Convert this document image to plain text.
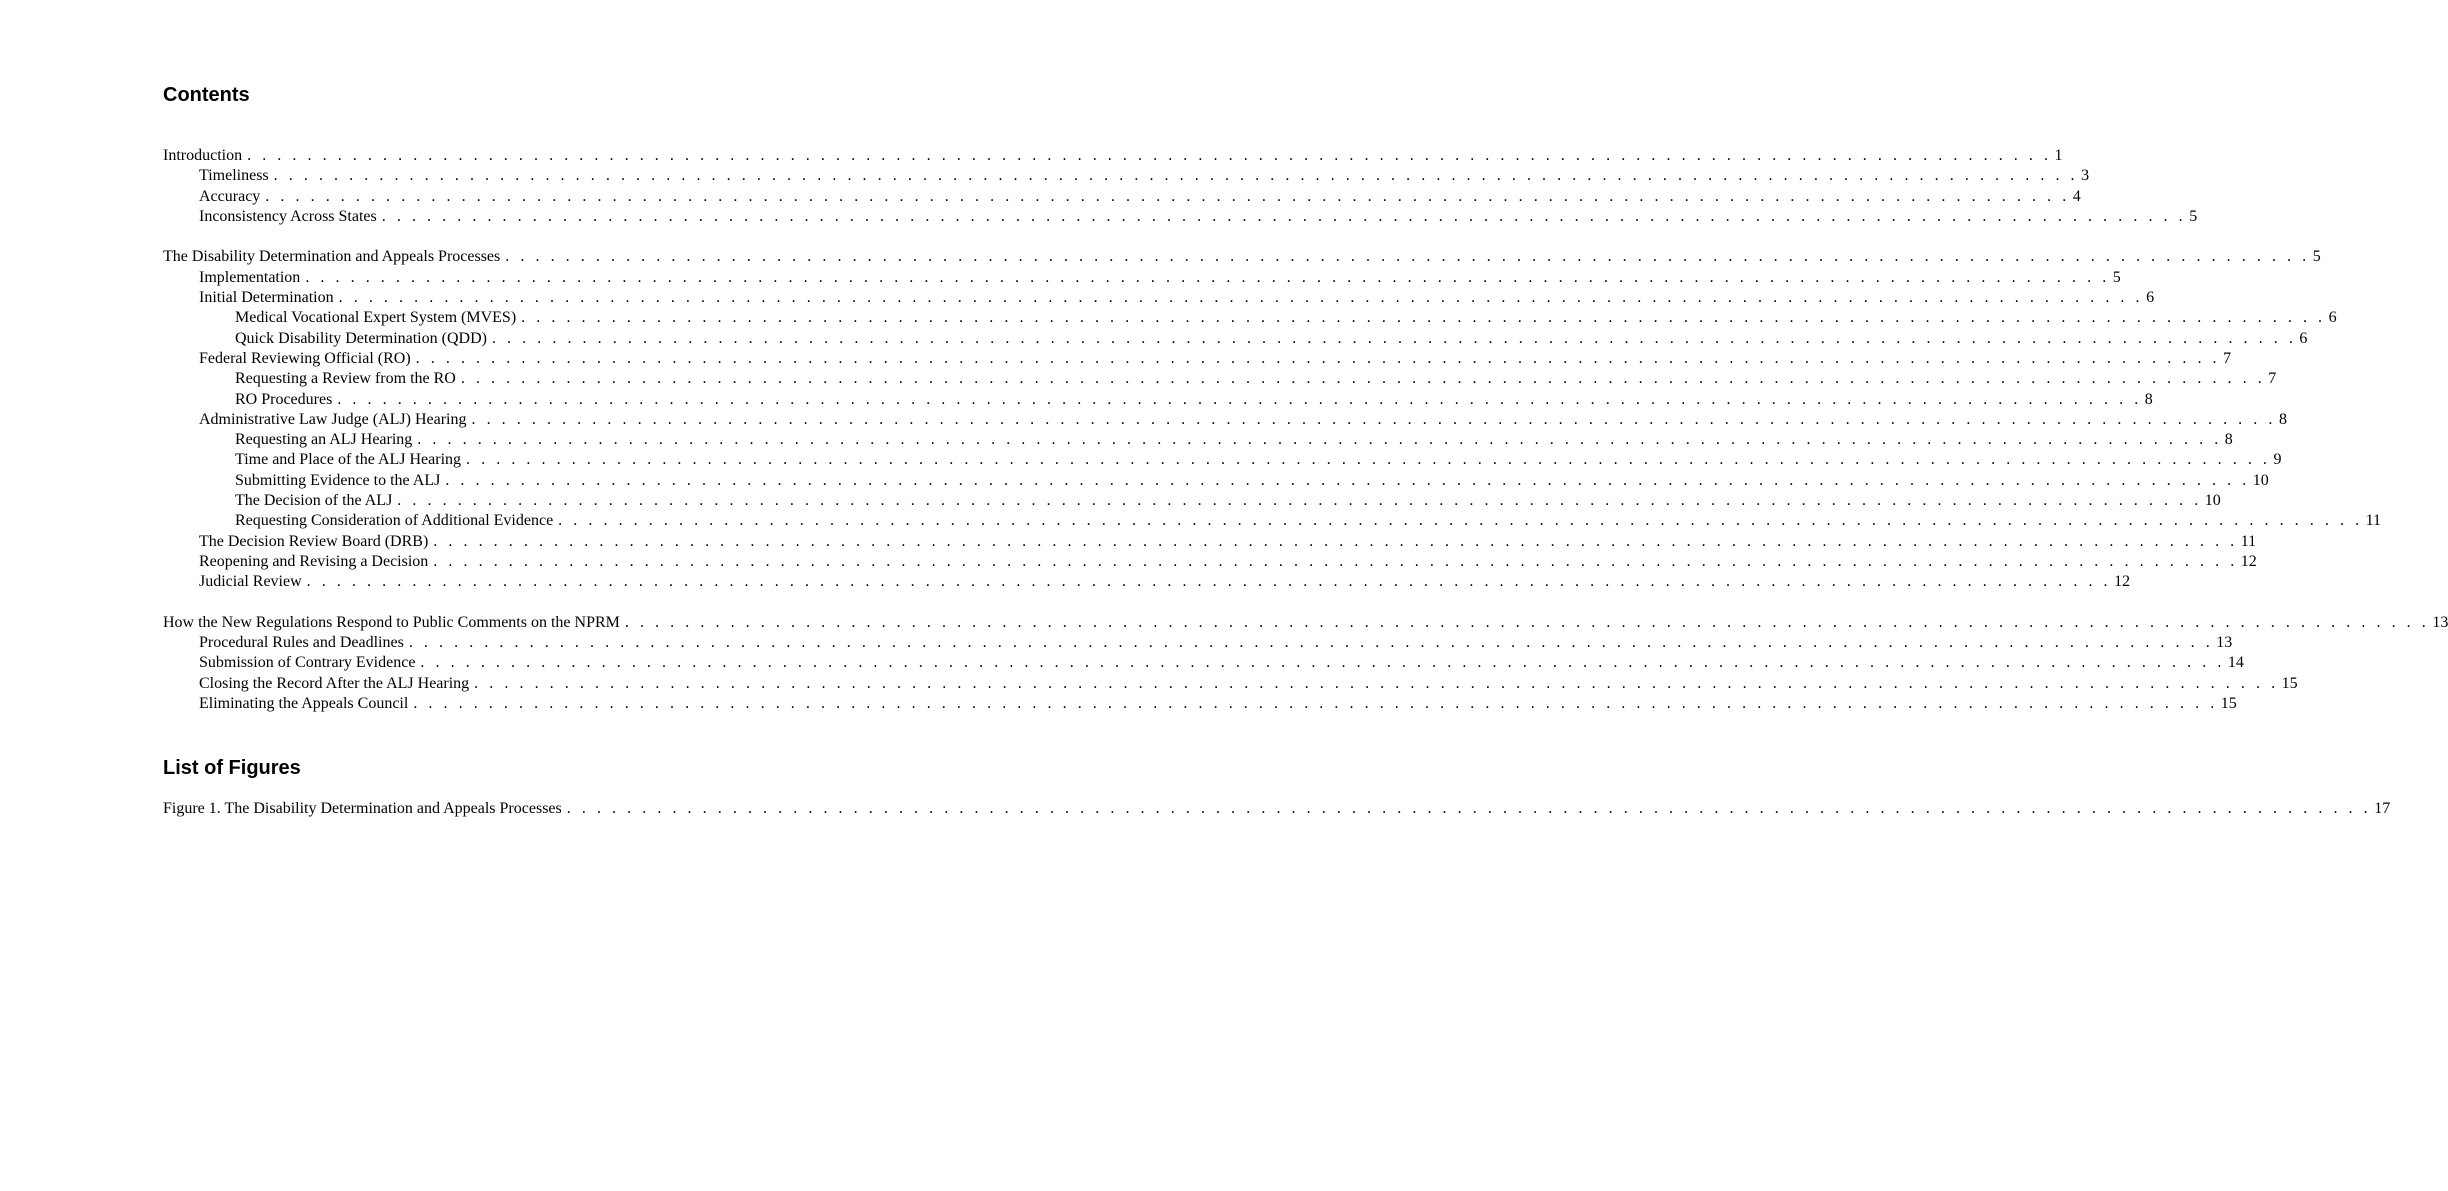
Contents
Introduction . . . . . . . . . . . . . . . . . . . . . . . . . . . . . . . . . . . . . . . . . . . . . . . . . . . . . . . . . . . . . . . . . . . . . . . . . . . . . . . . . . . . . . . . . . . . . . . . . . . . . . . . . . . . . . . . . . . . . . . . 1
Timeliness . . . . . . . . . . . . . . . . . . . . . . . . . . . . . . . . . . . . . . . . . . . . . . . . . . . . . . . . . . . . . . . . . . . . . . . . . . . . . . . . . . . . . . . . . . . . . . . . . . . . . . . . . . . . . . . . . . . . . . . . 3
Accuracy . . . . . . . . . . . . . . . . . . . . . . . . . . . . . . . . . . . . . . . . . . . . . . . . . . . . . . . . . . . . . . . . . . . . . . . . . . . . . . . . . . . . . . . . . . . . . . . . . . . . . . . . . . . . . . . . . . . . . . . . 4
Inconsistency Across States . . . . . . . . . . . . . . . . . . . . . . . . . . . . . . . . . . . . . . . . . . . . . . . . . . . . . . . . . . . . . . . . . . . . . . . . . . . . . . . . . . . . . . . . . . . . . . . . . . . . . . . . . . . . . . . . . . . . . . . . 5
The Disability Determination and Appeals Processes . . . . . . . . . . . . . . . . . . . . . . . . . . . . . . . . . . . . . . . . . . . . . . . . . . . . . . . . . . . . . . . . . . . . . . . . . . . . . . . . . . . . . . . . . . . . . . . . . . . . . . . . . . . . . . . . . . . . . . . . 5
Implementation . . . . . . . . . . . . . . . . . . . . . . . . . . . . . . . . . . . . . . . . . . . . . . . . . . . . . . . . . . . . . . . . . . . . . . . . . . . . . . . . . . . . . . . . . . . . . . . . . . . . . . . . . . . . . . . . . . . . . . . . 5
Initial Determination . . . . . . . . . . . . . . . . . . . . . . . . . . . . . . . . . . . . . . . . . . . . . . . . . . . . . . . . . . . . . . . . . . . . . . . . . . . . . . . . . . . . . . . . . . . . . . . . . . . . . . . . . . . . . . . . . . . . . . . . 6
Medical Vocational Expert System (MVES) . . . . . . . . . . . . . . . . . . . . . . . . . . . . . . . . . . . . . . . . . . . . . . . . . . . . . . . . . . . . . . . . . . . . . . . . . . . . . . . . . . . . . . . . . . . . . . . . . . . . . . . . . . . . . . . . . . . . . . . . 6
Quick Disability Determination (QDD) . . . . . . . . . . . . . . . . . . . . . . . . . . . . . . . . . . . . . . . . . . . . . . . . . . . . . . . . . . . . . . . . . . . . . . . . . . . . . . . . . . . . . . . . . . . . . . . . . . . . . . . . . . . . . . . . . . . . . . . . 6
Federal Reviewing Official (RO) . . . . . . . . . . . . . . . . . . . . . . . . . . . . . . . . . . . . . . . . . . . . . . . . . . . . . . . . . . . . . . . . . . . . . . . . . . . . . . . . . . . . . . . . . . . . . . . . . . . . . . . . . . . . . . . . . . . . . . . . 7
Requesting a Review from the RO . . . . . . . . . . . . . . . . . . . . . . . . . . . . . . . . . . . . . . . . . . . . . . . . . . . . . . . . . . . . . . . . . . . . . . . . . . . . . . . . . . . . . . . . . . . . . . . . . . . . . . . . . . . . . . . . . . . . . . . . 7
RO Procedures . . . . . . . . . . . . . . . . . . . . . . . . . . . . . . . . . . . . . . . . . . . . . . . . . . . . . . . . . . . . . . . . . . . . . . . . . . . . . . . . . . . . . . . . . . . . . . . . . . . . . . . . . . . . . . . . . . . . . . . . 8
Administrative Law Judge (ALJ) Hearing . . . . . . . . . . . . . . . . . . . . . . . . . . . . . . . . . . . . . . . . . . . . . . . . . . . . . . . . . . . . . . . . . . . . . . . . . . . . . . . . . . . . . . . . . . . . . . . . . . . . . . . . . . . . . . . . . . . . . . . . 8
Requesting an ALJ Hearing . . . . . . . . . . . . . . . . . . . . . . . . . . . . . . . . . . . . . . . . . . . . . . . . . . . . . . . . . . . . . . . . . . . . . . . . . . . . . . . . . . . . . . . . . . . . . . . . . . . . . . . . . . . . . . . . . . . . . . . . 8
Time and Place of the ALJ Hearing . . . . . . . . . . . . . . . . . . . . . . . . . . . . . . . . . . . . . . . . . . . . . . . . . . . . . . . . . . . . . . . . . . . . . . . . . . . . . . . . . . . . . . . . . . . . . . . . . . . . . . . . . . . . . . . . . . . . . . . . 9
Submitting Evidence to the ALJ . . . . . . . . . . . . . . . . . . . . . . . . . . . . . . . . . . . . . . . . . . . . . . . . . . . . . . . . . . . . . . . . . . . . . . . . . . . . . . . . . . . . . . . . . . . . . . . . . . . . . . . . . . . . . . . . . . . . . . . . 10
The Decision of the ALJ . . . . . . . . . . . . . . . . . . . . . . . . . . . . . . . . . . . . . . . . . . . . . . . . . . . . . . . . . . . . . . . . . . . . . . . . . . . . . . . . . . . . . . . . . . . . . . . . . . . . . . . . . . . . . . . . . . . . . . . . 10
Requesting Consideration of Additional Evidence . . . . . . . . . . . . . . . . . . . . . . . . . . . . . . . . . . . . . . . . . . . . . . . . . . . . . . . . . . . . . . . . . . . . . . . . . . . . . . . . . . . . . . . . . . . . . . . . . . . . . . . . . . . . . . . . . . . . . . . . 11
The Decision Review Board (DRB) . . . . . . . . . . . . . . . . . . . . . . . . . . . . . . . . . . . . . . . . . . . . . . . . . . . . . . . . . . . . . . . . . . . . . . . . . . . . . . . . . . . . . . . . . . . . . . . . . . . . . . . . . . . . . . . . . . . . . . . . 11
Reopening and Revising a Decision . . . . . . . . . . . . . . . . . . . . . . . . . . . . . . . . . . . . . . . . . . . . . . . . . . . . . . . . . . . . . . . . . . . . . . . . . . . . . . . . . . . . . . . . . . . . . . . . . . . . . . . . . . . . . . . . . . . . . . . . 12
Judicial Review . . . . . . . . . . . . . . . . . . . . . . . . . . . . . . . . . . . . . . . . . . . . . . . . . . . . . . . . . . . . . . . . . . . . . . . . . . . . . . . . . . . . . . . . . . . . . . . . . . . . . . . . . . . . . . . . . . . . . . . . 12
How the New Regulations Respond to Public Comments on the NPRM . . . . . . . . . . . . . . . . . . . . . . . . . . . . . . . . . . . . . . . . . . . . . . . . . . . . . . . . . . . . . . . . . . . . . . . . . . . . . . . . . . . . . . . . . . . . . . . . . . . . . . . . . . . . . . . . . . . . . . . . 13
Procedural Rules and Deadlines . . . . . . . . . . . . . . . . . . . . . . . . . . . . . . . . . . . . . . . . . . . . . . . . . . . . . . . . . . . . . . . . . . . . . . . . . . . . . . . . . . . . . . . . . . . . . . . . . . . . . . . . . . . . . . . . . . . . . . . . 13
Submission of Contrary Evidence . . . . . . . . . . . . . . . . . . . . . . . . . . . . . . . . . . . . . . . . . . . . . . . . . . . . . . . . . . . . . . . . . . . . . . . . . . . . . . . . . . . . . . . . . . . . . . . . . . . . . . . . . . . . . . . . . . . . . . . . 14
Closing the Record After the ALJ Hearing . . . . . . . . . . . . . . . . . . . . . . . . . . . . . . . . . . . . . . . . . . . . . . . . . . . . . . . . . . . . . . . . . . . . . . . . . . . . . . . . . . . . . . . . . . . . . . . . . . . . . . . . . . . . . . . . . . . . . . . . 15
Eliminating the Appeals Council . . . . . . . . . . . . . . . . . . . . . . . . . . . . . . . . . . . . . . . . . . . . . . . . . . . . . . . . . . . . . . . . . . . . . . . . . . . . . . . . . . . . . . . . . . . . . . . . . . . . . . . . . . . . . . . . . . . . . . . . 15
List of Figures
Figure 1. The Disability Determination and Appeals Processes . . . . . . . . . . . . . . . . . . . . . . . . . . . . . . . . . . . . . . . . . . . . . . . . . . . . . . . . . . . . . . . . . . . . . . . . . . . . . . . . . . . . . . . . . . . . . . . . . . . . . . . . . . . . . . . . . . . . . . . . 17
